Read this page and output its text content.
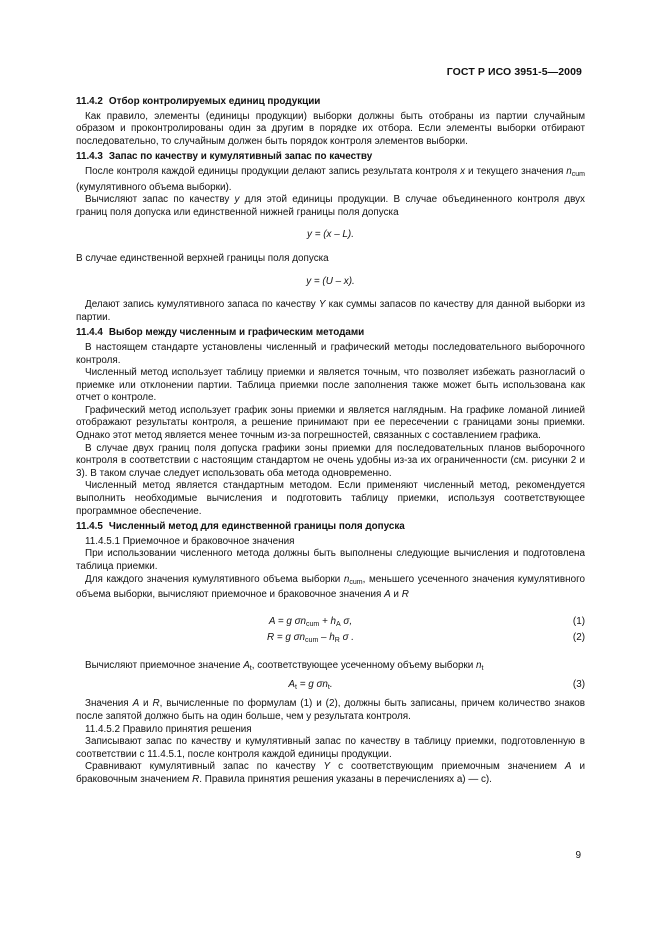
ГОСТ Р ИСО 3951-5—2009

11.4.2 Отбор контролируемых единиц продукции

Как правило, элементы (единицы продукции) выборки должны быть отобраны из партии случайным образом и проконтролированы один за другим в порядке их отбора. Если элементы выборки отбирают последовательно, то случайным должен быть порядок контроля элементов выборки.

11.4.3 Запас по качеству и кумулятивный запас по качеству

После контроля каждой единицы продукции делают запись результата контроля x и текущего значения $n_{cum}$ (кумулятивного объема выборки).

Вычисляют запас по качеству y для этой единицы продукции. В случае объединенного контроля двух границ поля допуска или единственной нижней границы поля допуска

y = (x – L).

В случае единственной верхней границы поля допуска

y = (U – x).

Делают запись кумулятивного запаса по качеству Y как суммы запасов по качеству для данной выборки из партии.

11.4.4 Выбор между численным и графическим методами

В настоящем стандарте установлены численный и графический методы последовательного выборочного контроля.

Численный метод использует таблицу приемки и является точным, что позволяет избежать разногласий о приемке или отклонении партии. Таблица приемки после заполнения также может быть использована как отчет о контроле.

Графический метод использует график зоны приемки и является наглядным. На графике ломаной линией отображают результаты контроля, а решение принимают при ее пересечении с границами зоны приемки. Однако этот метод является менее точным из-за погрешностей, связанных с составлением графика.

В случае двух границ поля допуска графики зоны приемки для последовательных планов выборочного контроля в соответствии с настоящим стандартом не очень удобны из-за их ограниченности (см. рисунки 2 и 3). В таком случае следует использовать оба метода одновременно.

Численный метод является стандартным методом. Если применяют численный метод, рекомендуется выполнить необходимые вычисления и подготовить таблицу приемки, используя соответствующее программное обеспечение.

11.4.5 Численный метод для единственной границы поля допуска

11.4.5.1 Приемочное и браковочное значения

При использовании численного метода должны быть выполнены следующие вычисления и подготовлена таблица приемки.

Для каждого значения кумулятивного объема выборки $n_{cum}$, меньшего усеченного значения кумулятивного объема выборки, вычисляют приемочное и браковочное значения A и R

A = g $\sigma n_{cum} + h_A$ σ,	(1)
R = g $\sigma n_{cum} - h_R$ σ .	(2)

Вычисляют приемочное значение $A_t$, соответствующее усеченному объему выборки $n_t$

$A_t = g$ $\sigma n_t$.	(3)

Значения A и R, вычисленные по формулам (1) и (2), должны быть записаны, причем количество знаков после запятой должно быть на один больше, чем у результата контроля.

11.4.5.2 Правило принятия решения

Записывают запас по качеству и кумулятивный запас по качеству в таблицу приемки, подготовленную в соответствии с 11.4.5.1, после контроля каждой единицы продукции.

Сравнивают кумулятивный запас по качеству Y с соответствующим приемочным значением A и браковочным значением R. Правила принятия решения указаны в перечислениях а) — с).

9
